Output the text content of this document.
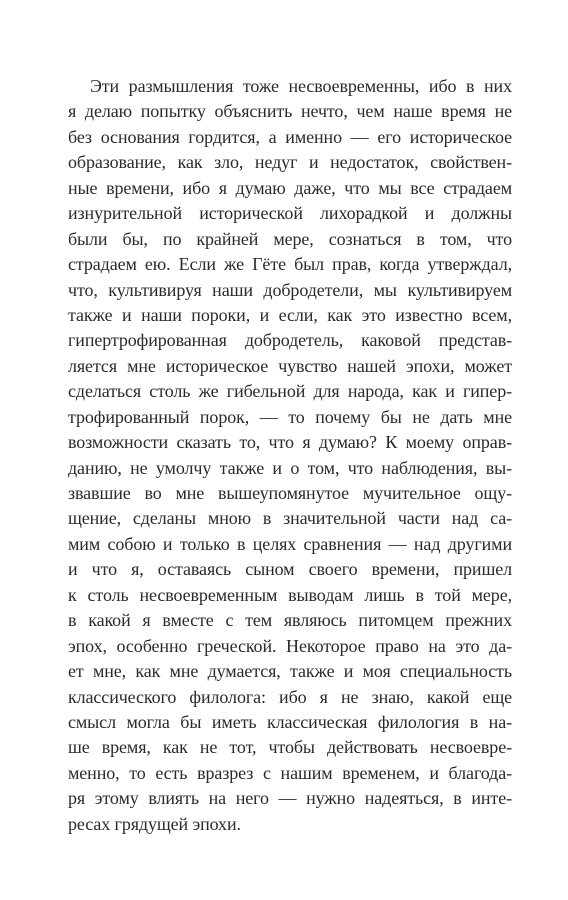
Эти размышления тоже несвоевременны, ибо в них
я делаю попытку объяснить нечто, чем наше время не
без основания гордится, а именно — его историческое
образование, как зло, недуг и недостаток, свойствен-
ные времени, ибо я думаю даже, что мы все страдаем
изнурительной исторической лихорадкой и должны
были бы, по крайней мере, сознаться в том, что
страдаем ею. Если же Гёте был прав, когда утверждал,
что, культивируя наши добродетели, мы культивируем
также и наши пороки, и если, как это известно всем,
гипертрофированная добродетель, каковой представ-
ляется мне историческое чувство нашей эпохи, может
сделаться столь же гибельной для народа, как и гипер-
трофированный порок, — то почему бы не дать мне
возможности сказать то, что я думаю? К моему оправ-
данию, не умолчу также и о том, что наблюдения, вы-
звавшие во мне вышеупомянутое мучительное ощу-
щение, сделаны мною в значительной части над са-
мим собою и только в целях сравнения — над другими
и что я, оставаясь сыном своего времени, пришел
к столь несвоевременным выводам лишь в той мере,
в какой я вместе с тем являюсь питомцем прежних
эпох, особенно греческой. Некоторое право на это да-
ет мне, как мне думается, также и моя специальность
классического филолога: ибо я не знаю, какой еще
смысл могла бы иметь классическая филология в на-
ше время, как не тот, чтобы действовать несвоевре-
менно, то есть вразрез с нашим временем, и благода-
ря этому влиять на него — нужно надеяться, в инте-
ресах грядущей эпохи.
